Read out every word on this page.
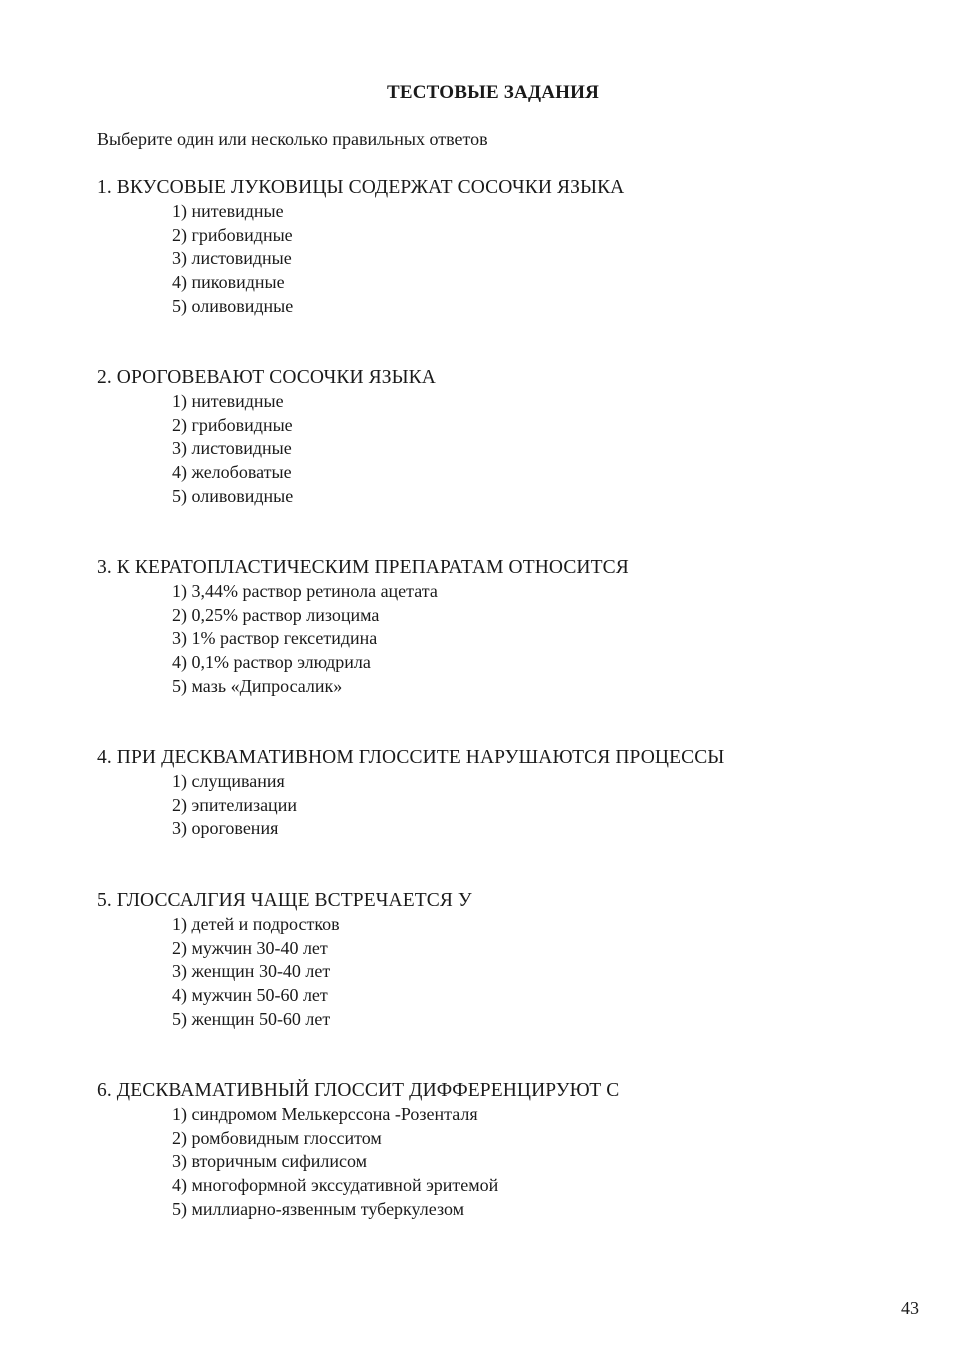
ТЕСТОВЫЕ ЗАДАНИЯ
Выберите один или несколько правильных ответов
1. ВКУСОВЫЕ ЛУКОВИЦЫ СОДЕРЖАТ СОСОЧКИ ЯЗЫКА
1) нитевидные
2) грибовидные
3) листовидные
4) пиковидные
5) оливовидные
2. ОРОГОВЕВАЮТ СОСОЧКИ ЯЗЫКА
1) нитевидные
2) грибовидные
3) листовидные
4) желобоватые
5) оливовидные
3. К КЕРАТОПЛАСТИЧЕСКИМ ПРЕПАРАТАМ ОТНОСИТСЯ
1) 3,44% раствор ретинола ацетата
2) 0,25% раствор лизоцима
3) 1% раствор гексетидина
4) 0,1% раствор элюдрила
5) мазь «Дипросалик»
4. ПРИ ДЕСКВАМАТИВНОМ ГЛОССИТЕ НАРУШАЮТСЯ ПРОЦЕССЫ
1) слущивания
2) эпителизации
3) ороговения
5. ГЛОССАЛГИЯ ЧАЩЕ ВСТРЕЧАЕТСЯ У
1) детей и подростков
2) мужчин 30-40 лет
3) женщин 30-40 лет
4) мужчин 50-60 лет
5) женщин 50-60 лет
6. ДЕСКВАМАТИВНЫЙ ГЛОССИТ ДИФФЕРЕНЦИРУЮТ С
1) синдромом Мелькерссона -Розенталя
2) ромбовидным глосситом
3) вторичным сифилисом
4) многоформной экссудативной эритемой
5) миллиарно-язвенным туберкулезом
43
